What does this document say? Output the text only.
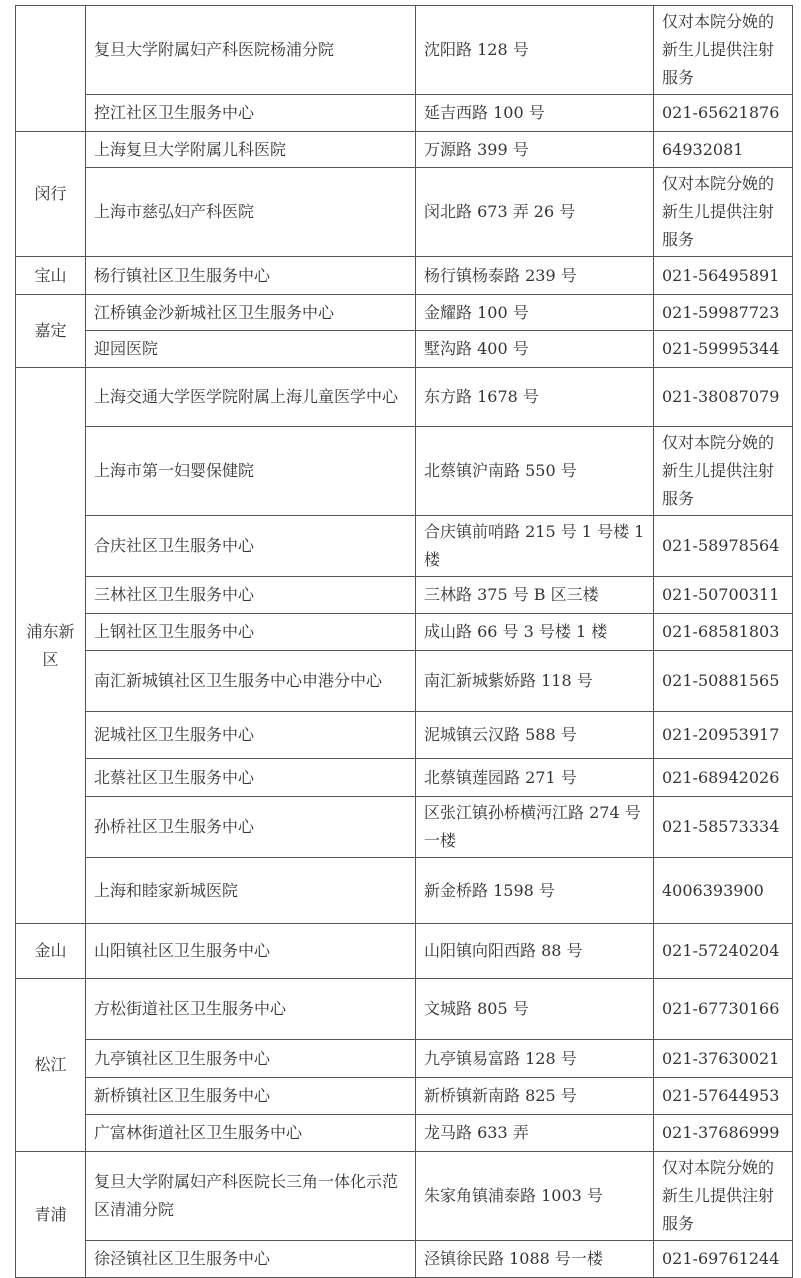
	复旦大学附属妇产科医院杨浦分院	沈阳路 128 号	仅对本院分娩的新生儿提供注射服务
	控江社区卫生服务中心	延吉西路 100 号	021-65621876
闵行	上海复旦大学附属儿科医院	万源路 399 号	64932081
	上海市慈弘妇产科医院	闵北路 673 弄 26 号	仅对本院分娩的新生儿提供注射服务
宝山	杨行镇社区卫生服务中心	杨行镇杨泰路 239 号	021-56495891
嘉定	江桥镇金沙新城社区卫生服务中心	金耀路 100 号	021-59987723
	迎园医院	墅沟路 400 号	021-59995344
浦东新区	上海交通大学医学院附属上海儿童医学中心	东方路 1678 号	021-38087079
	上海市第一妇婴保健院	北蔡镇沪南路 550 号	仅对本院分娩的新生儿提供注射服务
	合庆社区卫生服务中心	合庆镇前哨路 215 号 1 号楼 1 楼	021-58978564
	三林社区卫生服务中心	三林路 375 号 B 区三楼	021-50700311
	上钢社区卫生服务中心	成山路 66 号 3 号楼 1 楼	021-68581803
	南汇新城镇社区卫生服务中心申港分中心	南汇新城紫娇路 118 号	021-50881565
	泥城社区卫生服务中心	泥城镇云汉路 588 号	021-20953917
	北蔡社区卫生服务中心	北蔡镇莲园路 271 号	021-68942026
	孙桥社区卫生服务中心	区张江镇孙桥横沔江路 274 号一楼	021-58573334
	上海和睦家新城医院	新金桥路 1598 号	4006393900
金山	山阳镇社区卫生服务中心	山阳镇向阳西路 88 号	021-57240204
松江	方松街道社区卫生服务中心	文城路 805 号	021-67730166
	九亭镇社区卫生服务中心	九亭镇易富路 128 号	021-37630021
	新桥镇社区卫生服务中心	新桥镇新南路 825 号	021-57644953
	广富林街道社区卫生服务中心	龙马路 633 弄	021-37686999
青浦	复旦大学附属妇产科医院长三角一体化示范区清浦分院	朱家角镇浦泰路 1003 号	仅对本院分娩的新生儿提供注射服务
	徐泾镇社区卫生服务中心	泾镇徐民路 1088 号一楼	021-69761244
